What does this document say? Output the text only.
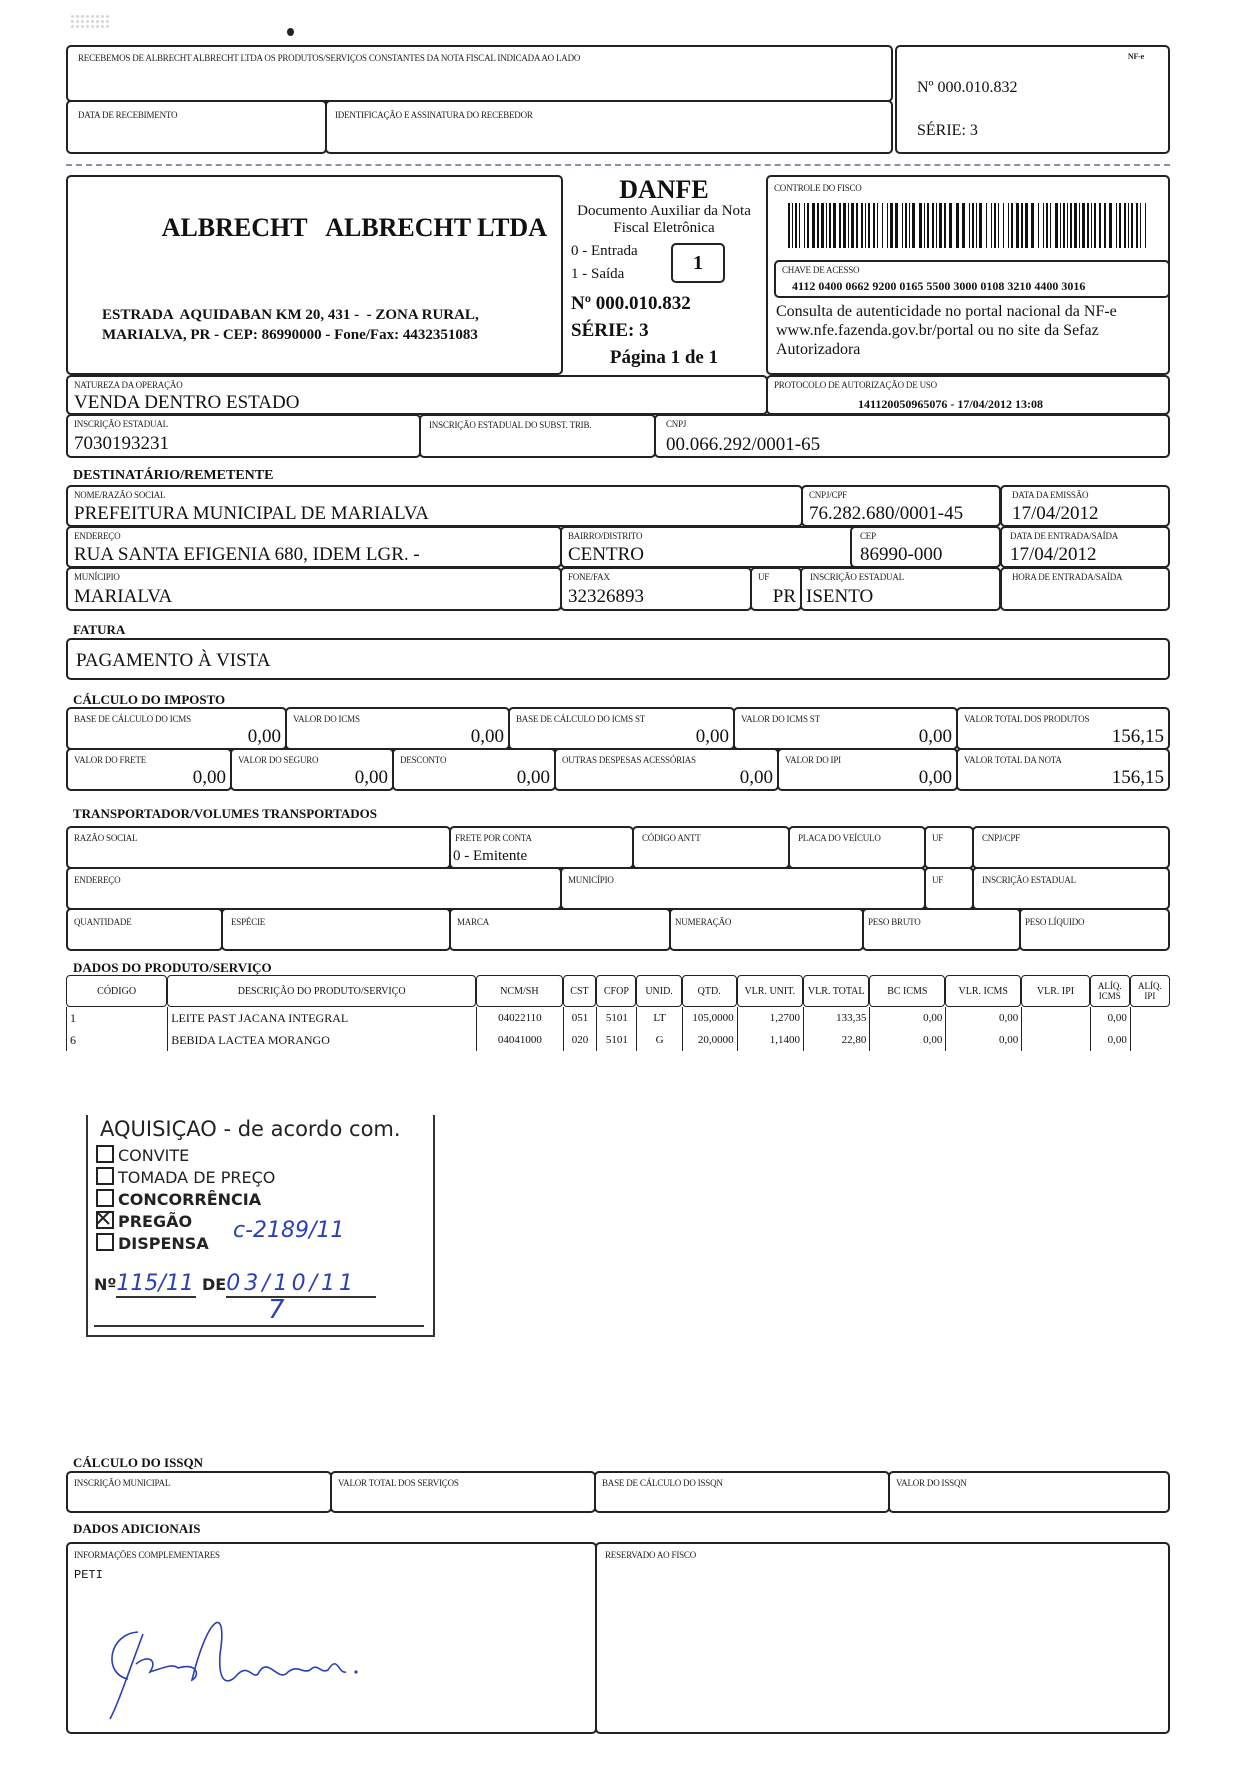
RECEBEMOS DE ALBRECHT ALBRECHT LTDA OS PRODUTOS/SERVIÇOS CONSTANTES DA NOTA FISCAL INDICADA AO LADO
DATA DE RECEBIMENTO	IDENTIFICAÇÃO E ASSINATURA DO RECEBEDOR
NF-e
Nº 000.010.832
SÉRIE: 3
ALBRECHT   ALBRECHT LTDA
ESTRADA  AQUIDABAN KM 20, 431 -  - ZONA RURAL,
MARIALVA, PR - CEP: 86990000 - Fone/Fax: 4432351083
DANFE
Documento Auxiliar da Nota
Fiscal Eletrônica
0 - Entrada
1 - Saída
1
Nº 000.010.832
SÉRIE: 3
Página 1 de 1
CONTROLE DO FISCO
CHAVE DE ACESSO
4112 0400 0662 9200 0165 5500 3000 0108 3210 4400 3016
Consulta de autenticidade no portal nacional da NF-e www.nfe.fazenda.gov.br/portal ou no site da Sefaz Autorizadora
NATUREZA DA OPERAÇÃO
VENDA DENTRO ESTADO
PROTOCOLO DE AUTORIZAÇÃO DE USO
141120050965076 - 17/04/2012 13:08
INSCRIÇÃO ESTADUAL
7030193231
INSCRIÇÃO ESTADUAL DO SUBST. TRIB.	CNPJ
00.066.292/0001-65
DESTINATÁRIO/REMETENTE
NOME/RAZÃO SOCIAL
PREFEITURA MUNICIPAL DE MARIALVA
CNPJ/CPF
76.282.680/0001-45
DATA DA EMISSÃO
17/04/2012
ENDEREÇO
RUA SANTA EFIGENIA 680, IDEM LGR. -
BAIRRO/DISTRITO
CENTRO
CEP
86990-000
DATA DE ENTRADA/SAÍDA
17/04/2012
MUNÍCIPIO
MARIALVA
FONE/FAX
32326893
UF
PR
INSCRIÇÃO ESTADUAL
ISENTO
HORA DE ENTRADA/SAÍDA
FATURA
PAGAMENTO À VISTA
CÁLCULO DO IMPOSTO
BASE DE CÁLCULO DO ICMS
0,00
VALOR DO ICMS
0,00
BASE DE CÁLCULO DO ICMS ST
0,00
VALOR DO ICMS ST
0,00
VALOR TOTAL DOS PRODUTOS
156,15
VALOR DO FRETE
0,00
VALOR DO SEGURO
0,00
DESCONTO
0,00
OUTRAS DESPESAS ACESSÓRIAS
0,00
VALOR DO IPI
0,00
VALOR TOTAL DA NOTA
156,15
TRANSPORTADOR/VOLUMES TRANSPORTADOS
RAZÃO SOCIAL	FRETE POR CONTA
0 - Emitente
CÓDIGO ANTT	PLACA DO VEÍCULO	UF	CNPJ/CPF
ENDEREÇO	MUNICÍPIO	UF	INSCRIÇÃO ESTADUAL
QUANTIDADE	ESPÉCIE	MARCA	NUMERAÇÃO	PESO BRUTO	PESO LÍQUIDO
DADOS DO PRODUTO/SERVIÇO
CÓDIGO	DESCRIÇÃO DO PRODUTO/SERVIÇO	NCM/SH	CST	CFOP	UNID.	QTD.	VLR. UNIT.	VLR. TOTAL	BC ICMS	VLR. ICMS	VLR. IPI	ALÍQ. ICMS	ALÍQ. IPI
1	LEITE PAST JACANA INTEGRAL	04022110	051	5101	LT	105,0000	1,2700	133,35	0,00	0,00		0,00	
6	BEBIDA LACTEA MORANGO	04041000	020	5101	G	20,0000	1,1400	22,80	0,00	0,00		0,00	
AQUISIÇAO - de acordo com.
CONVITE
TOMADA DE PREÇO
CONCORRÊNCIA
PREGÃO
DISPENSA
c-2189/11
Nº115/11 DE03/10/11
7
CÁLCULO DO ISSQN
INSCRIÇÃO MUNICIPAL	VALOR TOTAL DOS SERVIÇOS	BASE DE CÁLCULO DO ISSQN	VALOR DO ISSQN
DADOS ADICIONAIS
INFORMAÇÕES COMPLEMENTARES
PETI
RESERVADO AO FISCO
